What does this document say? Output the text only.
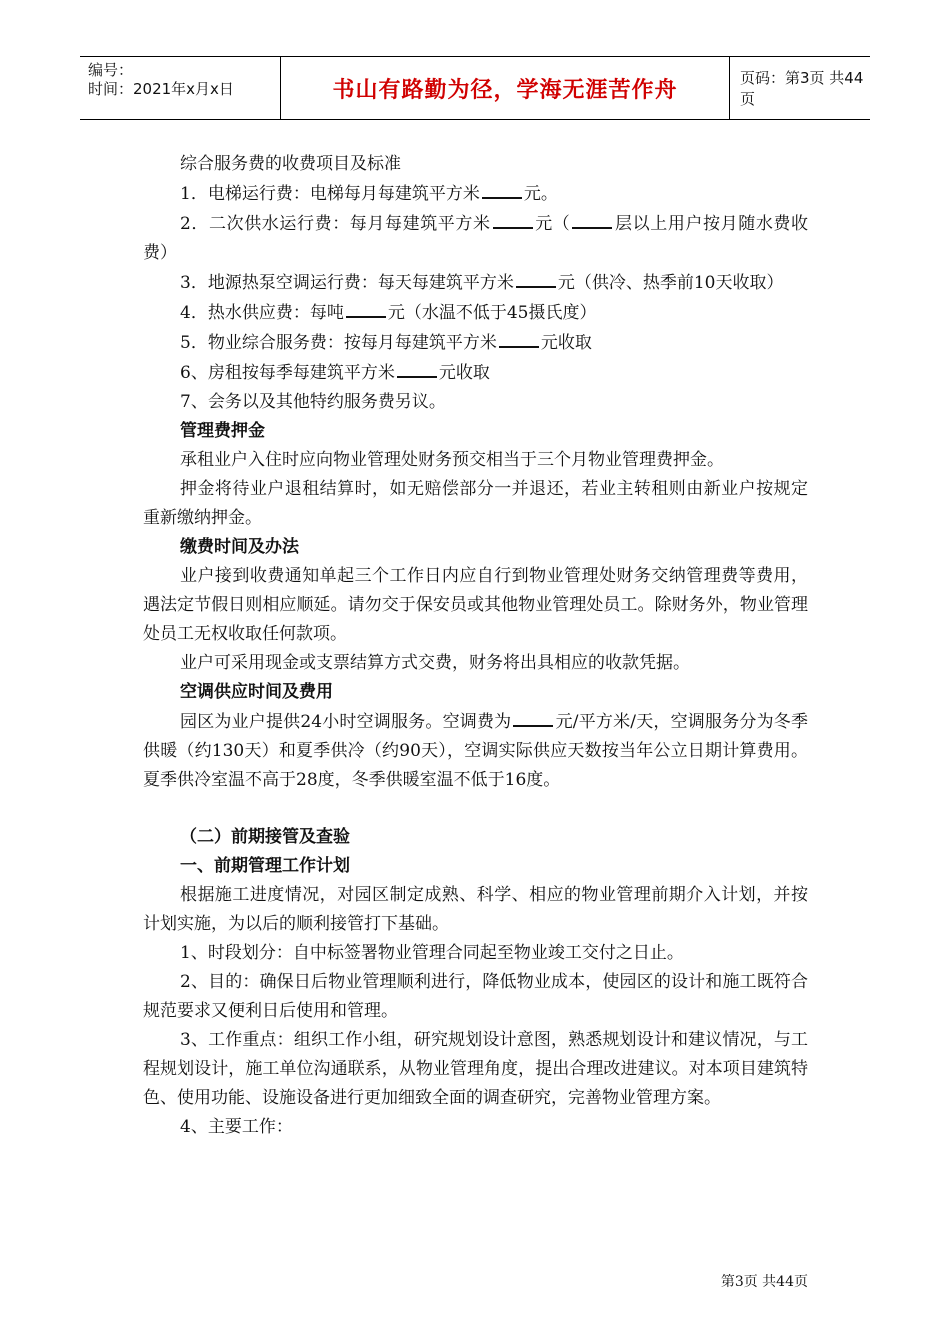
编号：
时间：2021年x月x日	书山有路勤为径，学海无涯苦作舟	页码：第3页 共44页

综合服务费的收费项目及标准

1．电梯运行费：电梯每月每建筑平方米	元。

2．二次供水运行费：每月每建筑平方米	元（	层以上用户按月随水费收费）

3．地源热泵空调运行费：每天每建筑平方米	元（供冷、热季前10天收取）

4．热水供应费：每吨	元（水温不低于45摄氏度）

5．物业综合服务费：按每月每建筑平方米	元收取

6、房租按每季每建筑平方米	元收取

7、会务以及其他特约服务费另议。

管理费押金

承租业户入住时应向物业管理处财务预交相当于三个月物业管理费押金。

押金将待业户退租结算时，如无赔偿部分一并退还，若业主转租则由新业户按规定重新缴纳押金。

缴费时间及办法

业户接到收费通知单起三个工作日内应自行到物业管理处财务交纳管理费等费用，遇法定节假日则相应顺延。请勿交于保安员或其他物业管理处员工。除财务外，物业管理处员工无权收取任何款项。

业户可采用现金或支票结算方式交费，财务将出具相应的收款凭据。

空调供应时间及费用

园区为业户提供24小时空调服务。空调费为	元/平方米/天，空调服务分为冬季供暖（约130天）和夏季供冷（约90天），空调实际供应天数按当年公立日期计算费用。夏季供冷室温不高于28度，冬季供暖室温不低于16度。

（二）前期接管及查验

一、前期管理工作计划

根据施工进度情况，对园区制定成熟、科学、相应的物业管理前期介入计划，并按计划实施，为以后的顺利接管打下基础。

1、时段划分：自中标签署物业管理合同起至物业竣工交付之日止。

2、目的：确保日后物业管理顺利进行，降低物业成本，使园区的设计和施工既符合规范要求又便利日后使用和管理。

3、工作重点：组织工作小组，研究规划设计意图，熟悉规划设计和建议情况，与工程规划设计，施工单位沟通联系，从物业管理角度，提出合理改进建议。对本项目建筑特色、使用功能、设施设备进行更加细致全面的调查研究，完善物业管理方案。

4、主要工作：

第3页 共44页
